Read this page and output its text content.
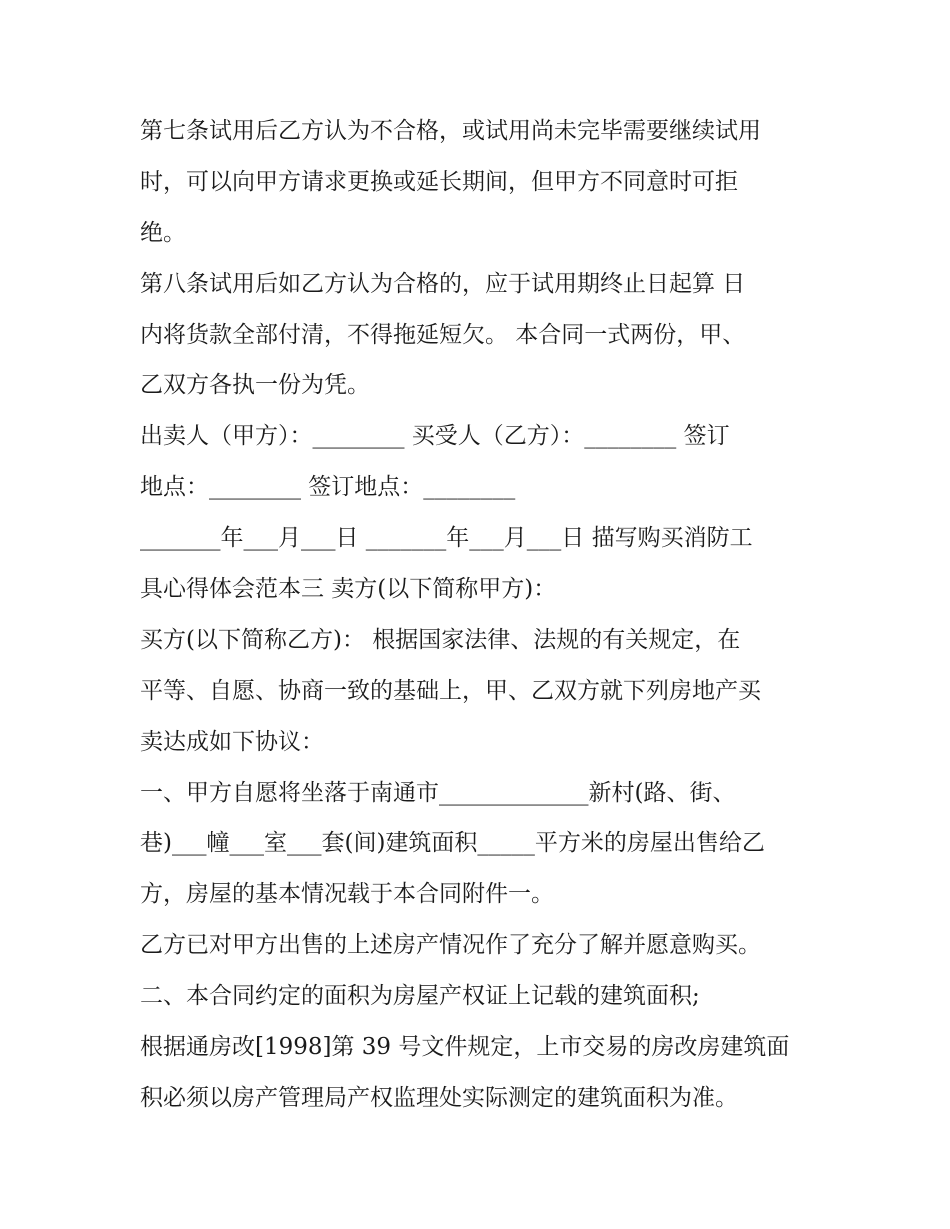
第七条试用后乙方认为不合格，或试用尚未完毕需要继续试用

时，可以向甲方请求更换或延长期间，但甲方不同意时可拒

绝。

第八条试用后如乙方认为合格的，应于试用期终止日起算 日

内将货款全部付清，不得拖延短欠。 本合同一式两份，甲、

乙双方各执一份为凭。

出卖人（甲方）：________ 买受人（乙方）：________ 签订

地点：________ 签订地点：________

_______年___月___日 _______年___月___日 描写购买消防工

具心得体会范本三 卖方(以下简称甲方)：

买方(以下简称乙方)： 根据国家法律、法规的有关规定，在

平等、自愿、协商一致的基础上，甲、乙双方就下列房地产买

卖达成如下协议：

一、甲方自愿将坐落于南通市_____________新村(路、街、

巷)___幢___室___套(间)建筑面积_____平方米的房屋出售给乙

方，房屋的基本情况载于本合同附件一。

乙方已对甲方出售的上述房产情况作了充分了解并愿意购买。

二、本合同约定的面积为房屋产权证上记载的建筑面积;

根据通房改[1998]第 39 号文件规定，上市交易的房改房建筑面

积必须以房产管理局产权监理处实际测定的建筑面积为准。
